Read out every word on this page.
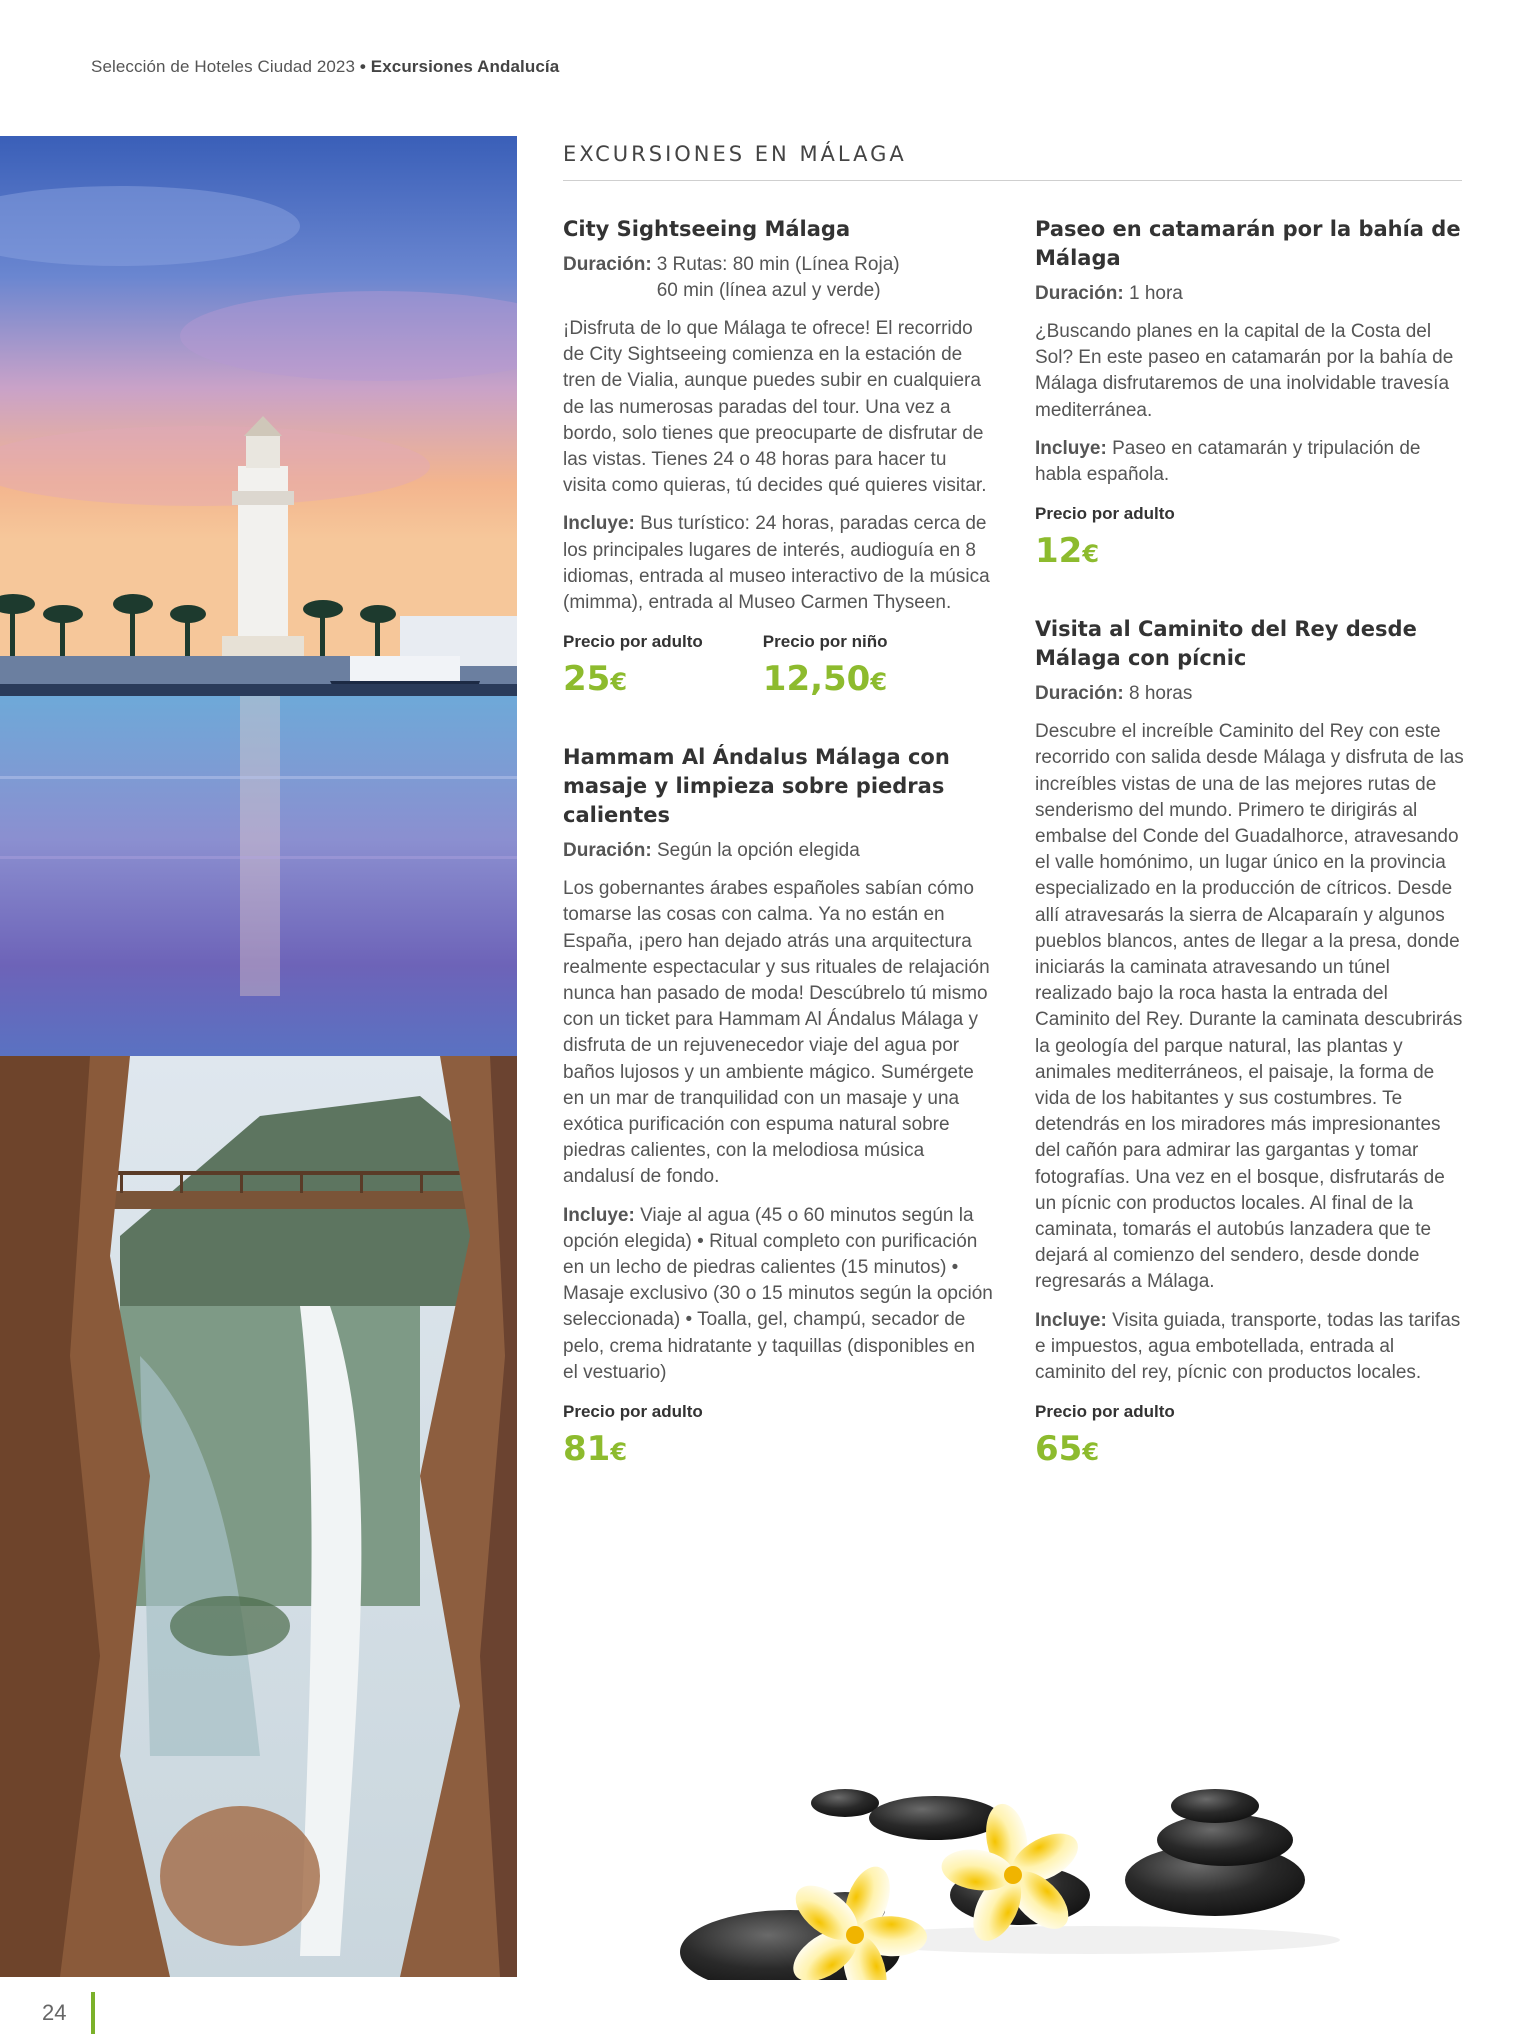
Selección de Hoteles Ciudad 2023 • Excursiones Andalucía
EXCURSIONES EN MÁLAGA
City Sightseeing Málaga
Duración: 3 Rutas: 80 min (Línea Roja)
60 min (línea azul y verde)

¡Disfruta de lo que Málaga te ofrece! El recorrido de City Sightseeing comienza en la estación de tren de Vialia, aunque puedes subir en cualquiera de las numerosas paradas del tour. Una vez a bordo, solo tienes que preocuparte de disfrutar de las vistas. Tienes 24 o 48 horas para hacer tu visita como quieras, tú decides qué quieres visitar.

Incluye: Bus turístico: 24 horas, paradas cerca de los principales lugares de interés, audioguía en 8 idiomas, entrada al museo interactivo de la música (mimma), entrada al Museo Carmen Thyseen.

Precio por adulto
25€
Precio por niño
12,50€
Hammam Al Ándalus Málaga con masaje y limpieza sobre piedras calientes

Duración: Según la opción elegida

Los gobernantes árabes españoles sabían cómo tomarse las cosas con calma. Ya no están en España, ¡pero han dejado atrás una arquitectura realmente espectacular y sus rituales de relajación nunca han pasado de moda! Descúbrelo tú mismo con un ticket para Hammam Al Ándalus Málaga y disfruta de un rejuvenecedor viaje del agua por baños lujosos y un ambiente mágico. Sumérgete en un mar de tranquilidad con un masaje y una exótica purificación con espuma natural sobre piedras calientes, con la melodiosa música andalusí de fondo.

Incluye: Viaje al agua (45 o 60 minutos según la opción elegida) • Ritual completo con purificación en un lecho de piedras calientes (15 minutos) • Masaje exclusivo (30 o 15 minutos según la opción seleccionada) • Toalla, gel, champú, secador de pelo, crema hidratante y taquillas (disponibles en el vestuario)

Precio por adulto
81€
Paseo en catamarán por la bahía de Málaga

Duración: 1 hora

¿Buscando planes en la capital de la Costa del Sol? En este paseo en catamarán por la bahía de Málaga disfrutaremos de una inolvidable travesía mediterránea.

Incluye: Paseo en catamarán y tripulación de habla española.

Precio por adulto
12€
Visita al Caminito del Rey desde Málaga con pícnic

Duración: 8 horas

Descubre el increíble Caminito del Rey con este recorrido con salida desde Málaga y disfruta de las increíbles vistas de una de las mejores rutas de senderismo del mundo. Primero te dirigirás al embalse del Conde del Guadalhorce, atravesando el valle homónimo, un lugar único en la provincia especializado en la producción de cítricos. Desde allí atravesarás la sierra de Alcaparaín y algunos pueblos blancos, antes de llegar a la presa, donde iniciarás la caminata atravesando un túnel realizado bajo la roca hasta la entrada del Caminito del Rey. Durante la caminata descubrirás la geología del parque natural, las plantas y animales mediterráneos, el paisaje, la forma de vida de los habitantes y sus costumbres. Te detendrás en los miradores más impresionantes del cañón para admirar las gargantas y tomar fotografías. Una vez en el bosque, disfrutarás de un pícnic con productos locales. Al final de la caminata, tomarás el autobús lanzadera que te dejará al comienzo del sendero, desde donde regresarás a Málaga.

Incluye: Visita guiada, transporte, todas las tarifas e impuestos, agua embotellada, entrada al caminito del rey, pícnic con productos locales.

Precio por adulto
65€
24
